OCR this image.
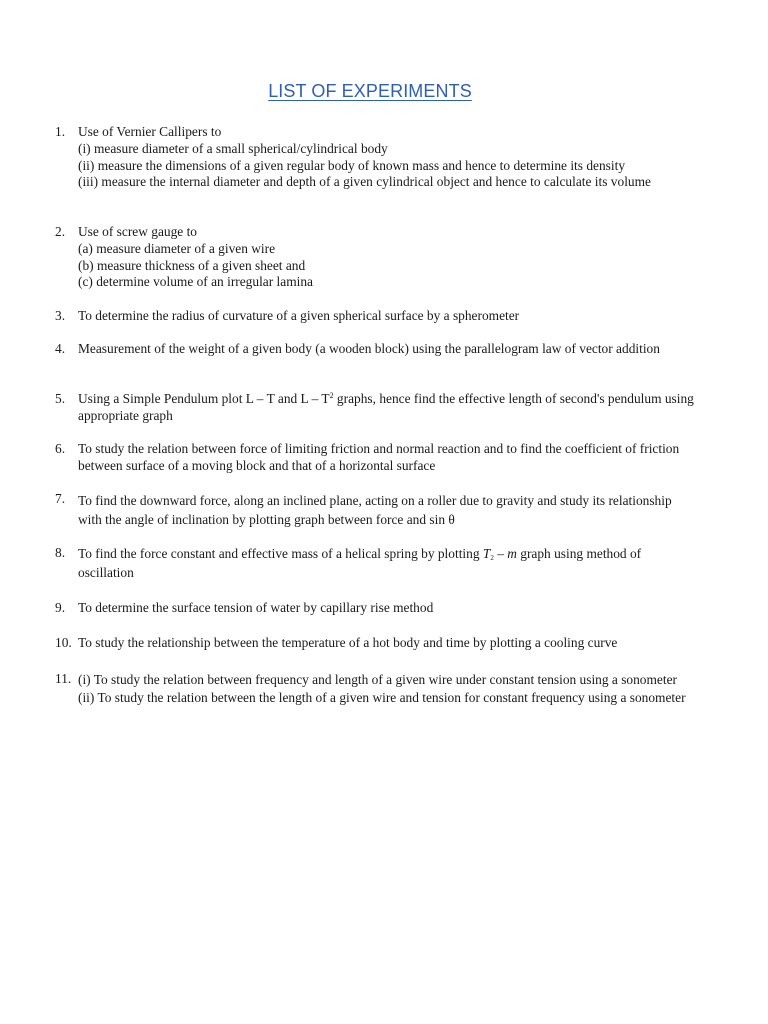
LIST OF EXPERIMENTS
1. Use of Vernier Callipers to
(i) measure diameter of a small spherical/cylindrical body
(ii) measure the dimensions of a given regular body of known mass and hence to determine its density
(iii) measure the internal diameter and depth of a given cylindrical object and hence to calculate its volume
2. Use of screw gauge to
(a) measure diameter of a given wire
(b) measure thickness of a given sheet and
(c) determine volume of an irregular lamina
3. To determine the radius of curvature of a given spherical surface by a spherometer
4. Measurement of the weight of a given body (a wooden block) using the parallelogram law of vector addition
5. Using a Simple Pendulum plot L – T and L – $T^2$ graphs, hence find the effective length of second's pendulum using appropriate graph
6. To study the relation between force of limiting friction and normal reaction and to find the coefficient of friction between surface of a moving block and that of a horizontal surface
7. To find the downward force, along an inclined plane, acting on a roller due to gravity and study its relationship with the angle of inclination by plotting graph between force and sin θ
8. To find the force constant and effective mass of a helical spring by plotting $T_2$ – m graph using method of oscillation
9. To determine the surface tension of water by capillary rise method
10. To study the relationship between the temperature of a hot body and time by plotting a cooling curve
11. (i) To study the relation between frequency and length of a given wire under constant tension using a sonometer
(ii) To study the relation between the length of a given wire and tension for constant frequency using a sonometer
